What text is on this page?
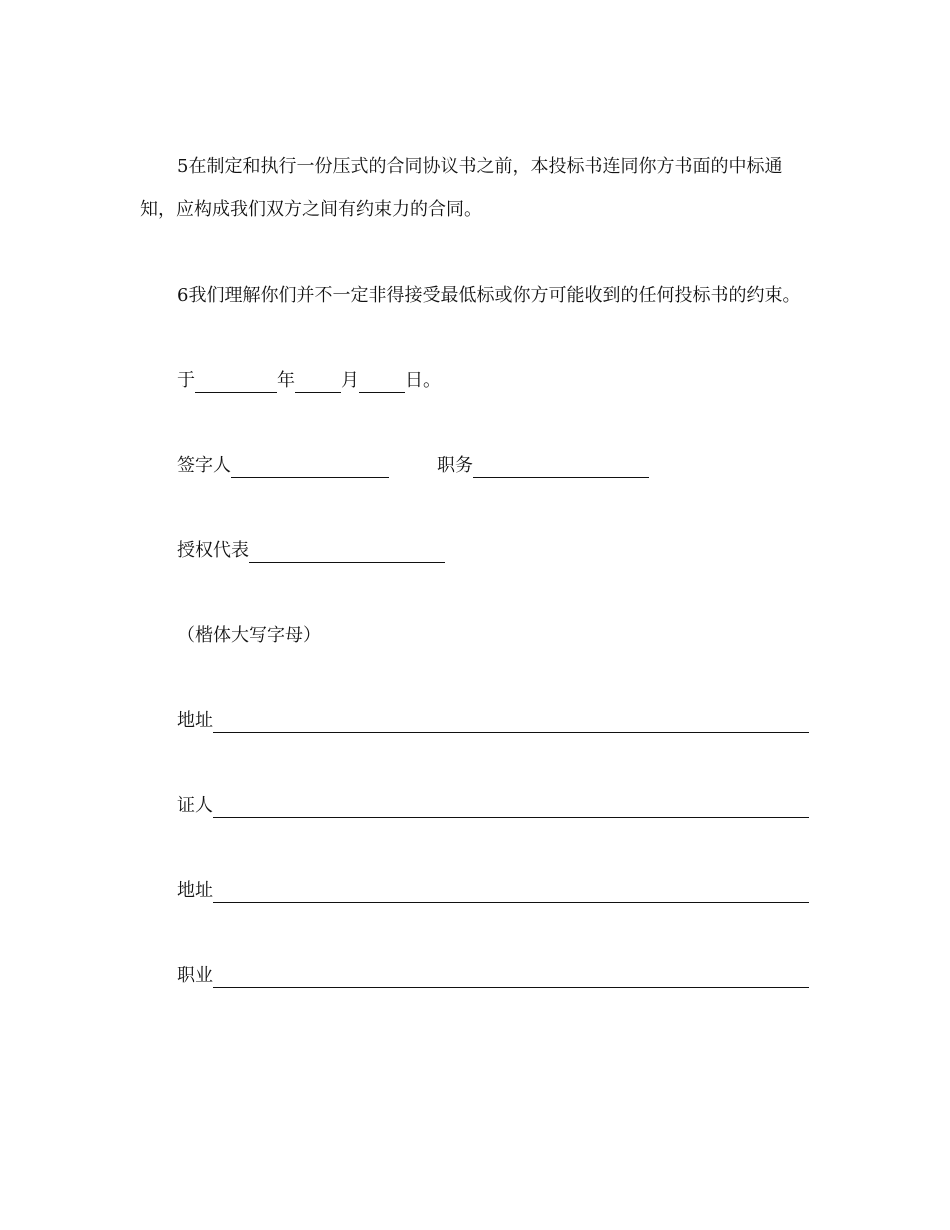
5在制定和执行一份压式的合同协议书之前，本投标书连同你方书面的中标通
知，应构成我们双方之间有约束力的合同。
6我们理解你们并不一定非得接受最低标或你方可能收到的任何投标书的约束。
于	年	月	日。
签字人	职务
授权代表
（楷体大写字母）
地址
证人
地址
职业
